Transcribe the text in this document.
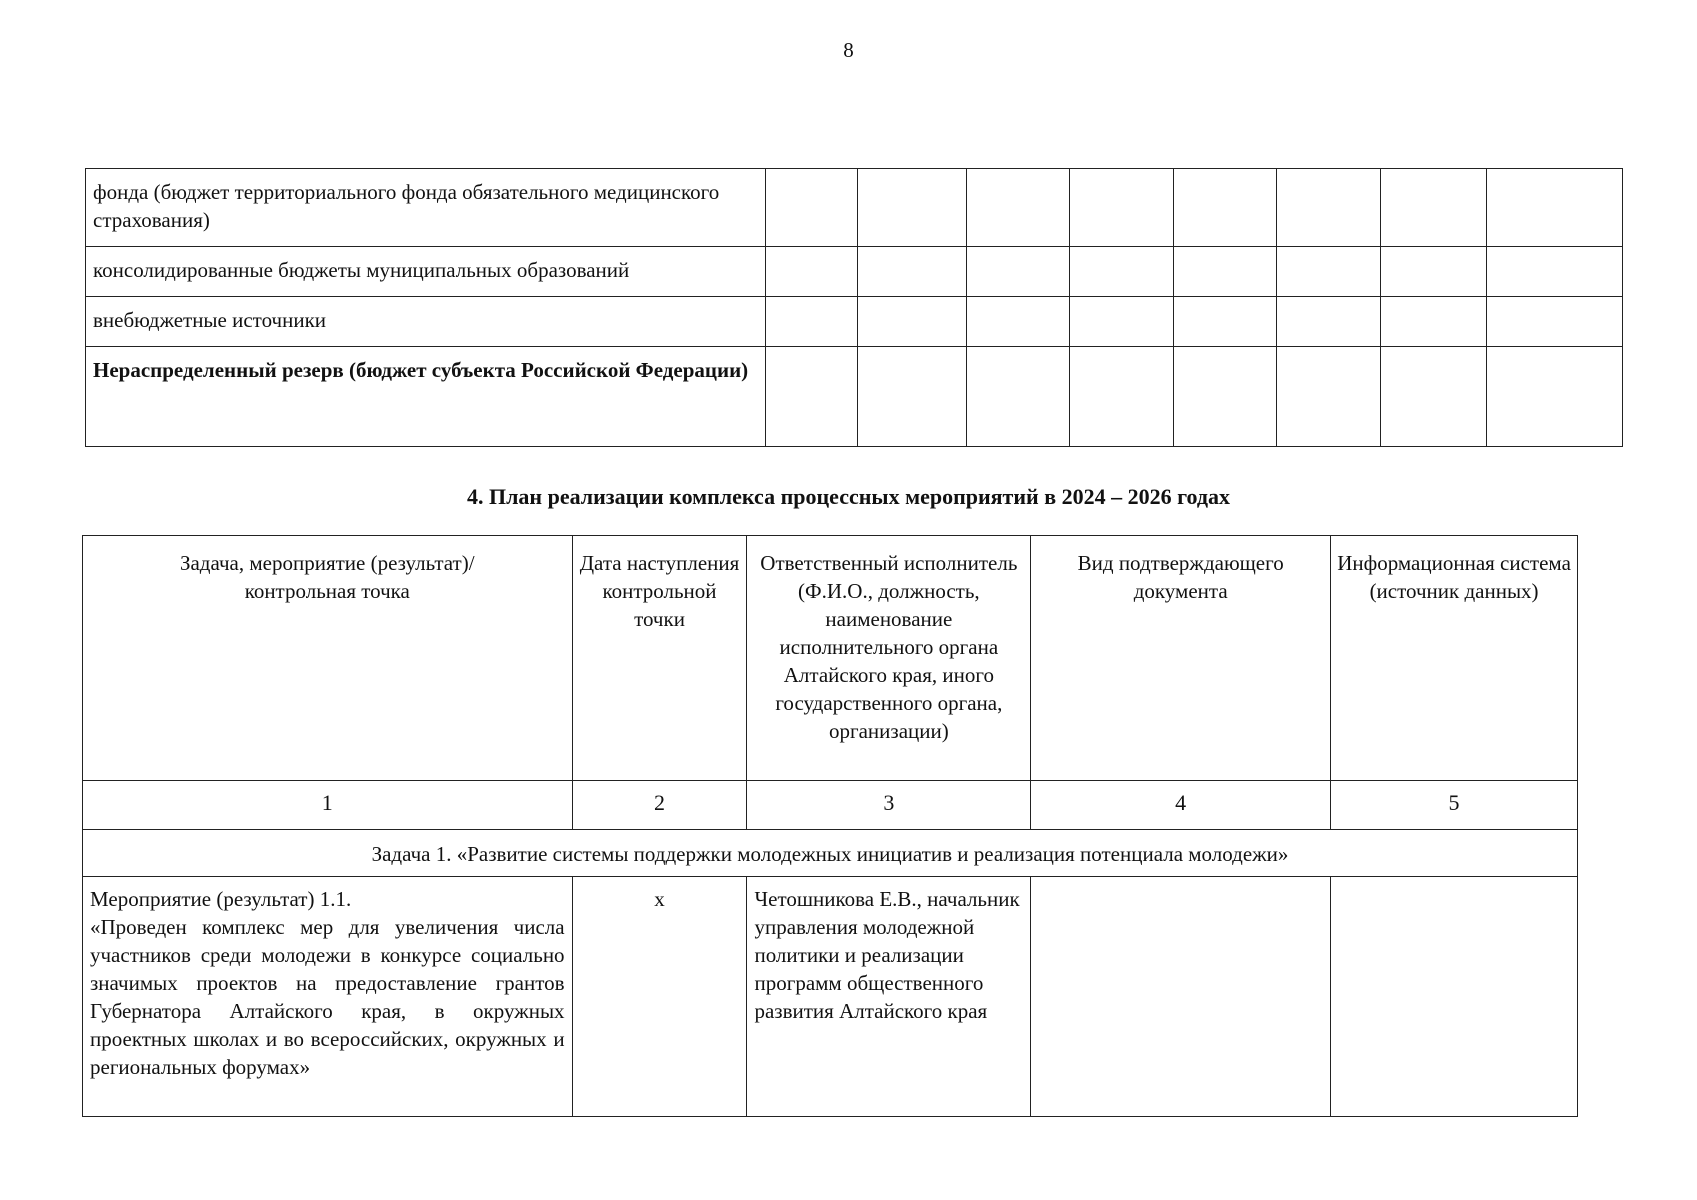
8
фонда (бюджет территориального фонда обязательного медицинского страхования)								
консолидированные бюджеты муниципальных образований								
внебюджетные источники								
Нераспределенный резерв (бюджет субъекта Российской Федерации)								
4. План реализации комплекса процессных мероприятий в 2024 – 2026 годах
Задача, мероприятие (результат)/ контрольная точка	Дата наступления контрольной точки	Ответственный исполнитель (Ф.И.О., должность, наименование исполнительного органа Алтайского края, иного государственного органа, организации)	Вид подтверждающего документа	Информационная система (источник данных)
1	2	3	4	5
Задача 1. «Развитие системы поддержки молодежных инициатив и реализация потенциала молодежи»				

Мероприятие (результат) 1.1.
«Проведен комплекс мер для увеличения числа участников среди молодежи в конкурсе социально значимых проектов на предоставление грантов Губернатора Алтайского края, в окружных проектных школах и во всероссийских, окружных и региональных форумах»	х	Четошникова Е.В., начальник управления молодежной политики и реализации программ общественного развития Алтайского края		
